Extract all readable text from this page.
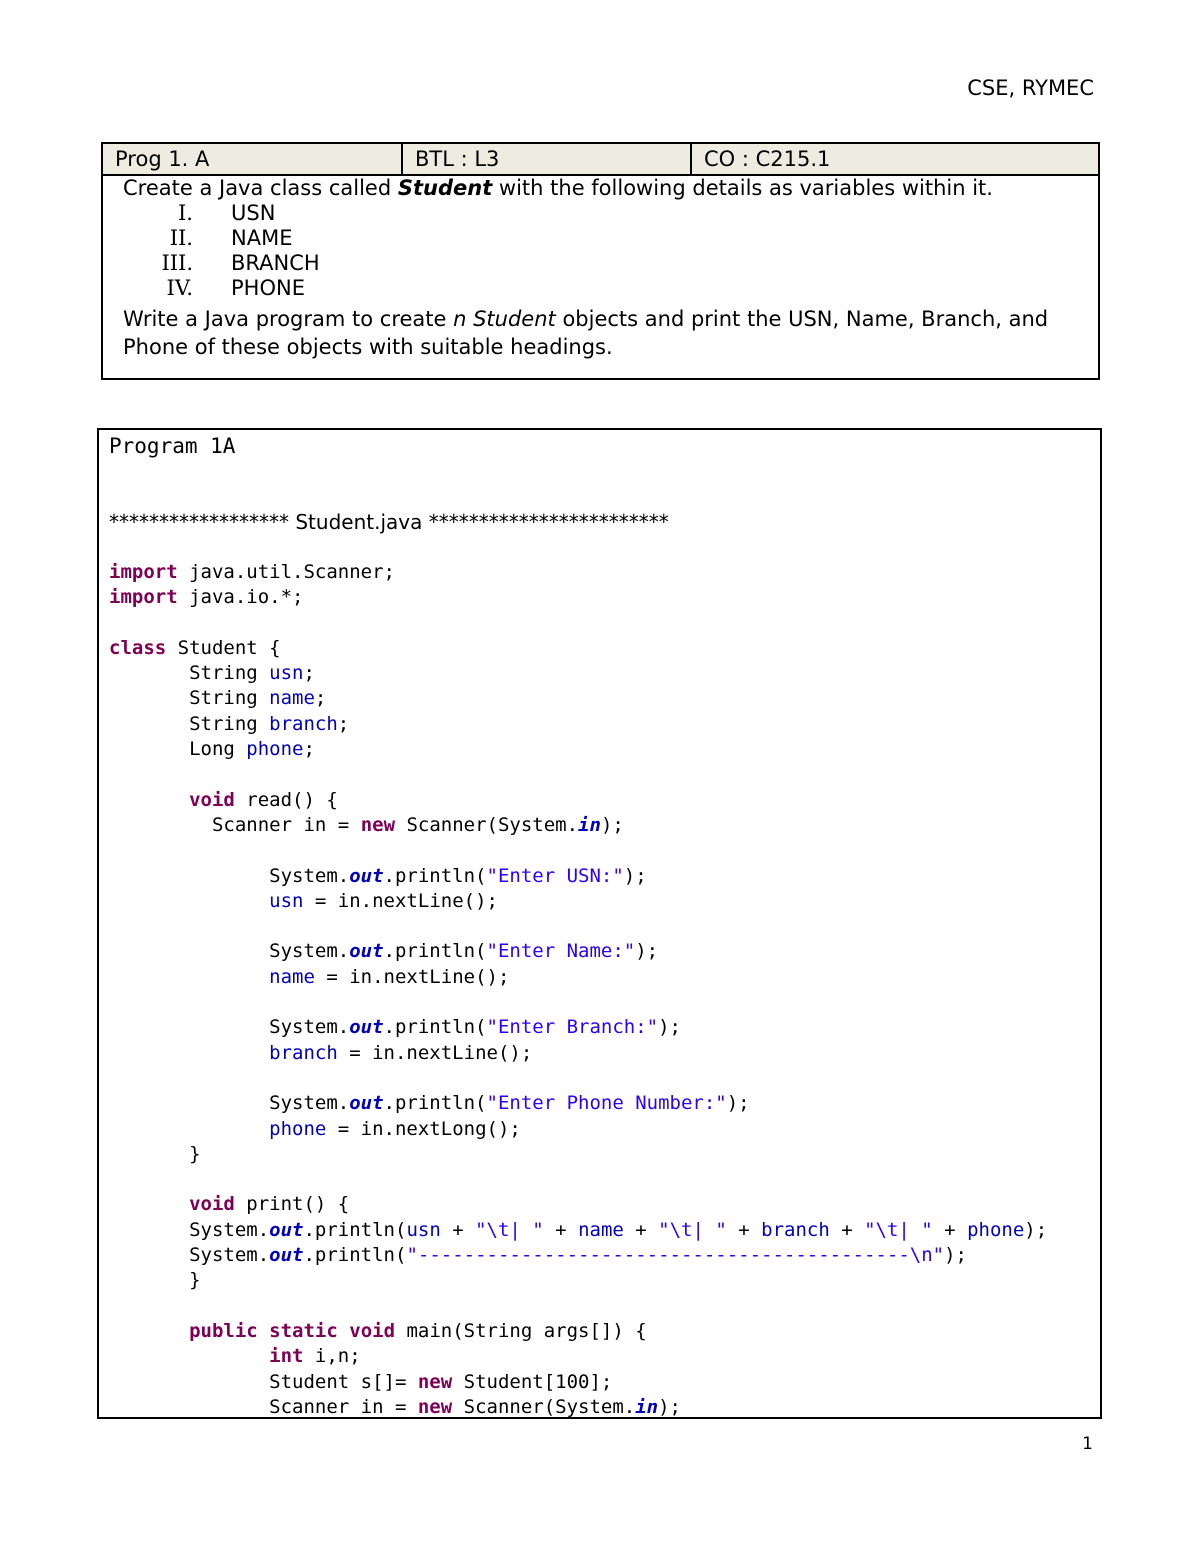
CSE, RYMEC
Prog 1. A	BTL : L3	CO : C215.1

Create a Java class called Student with the following details as variables within it.

I. USN
II. NAME
III. BRANCH
IV. PHONE

Write a Java program to create n Student objects and print the USN, Name, Branch, and Phone of these objects with suitable headings.

Program 1A
****************** Student.java ************************
import java.util.Scanner;
import java.io.*;

class Student {
String usn;
String name;
String branch;
Long phone;

void read() {
Scanner in = new Scanner(System.in);

System.out.println("Enter USN:");
usn = in.nextLine();

System.out.println("Enter Name:");
name = in.nextLine();

System.out.println("Enter Branch:");
branch = in.nextLine();

System.out.println("Enter Phone Number:");
phone = in.nextLong();
}

void print() {
System.out.println(usn + "\t| " + name + "\t| " + branch + "\t| " + phone);
System.out.println("-------------------------------------------\n");
}

public static void main(String args[]) {
int i,n;
Student s[]= new Student[100];
Scanner in = new Scanner(System.in);
1
